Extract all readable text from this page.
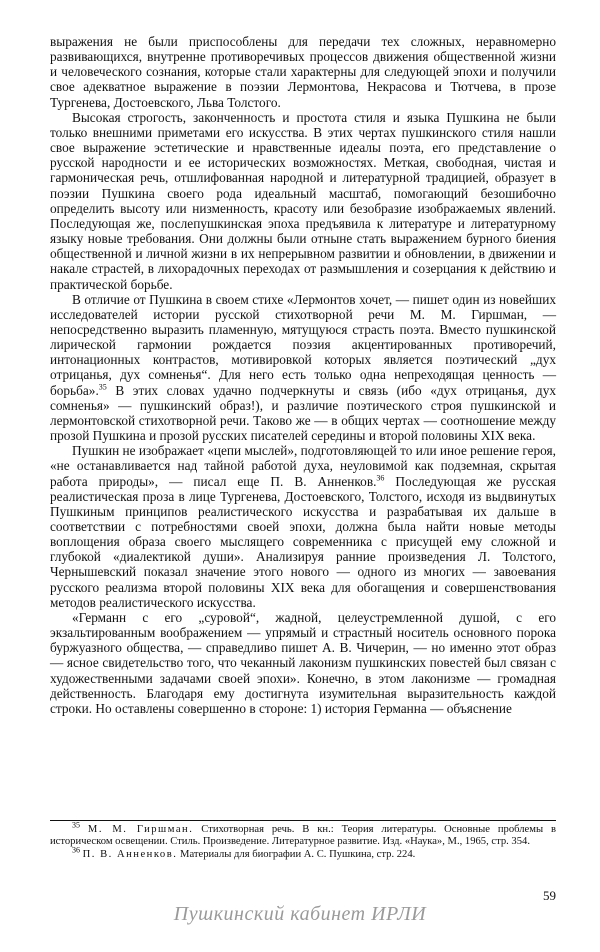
выражения не были приспособлены для передачи тех сложных, неравномерно развивающихся, внутренне противоречивых процессов движения общественной жизни и человеческого сознания, которые стали характерны для следующей эпохи и получили свое адекватное выражение в поэзии Лермонтова, Некрасова и Тютчева, в прозе Тургенева, Достоевского, Льва Толстого.

Высокая строгость, законченность и простота стиля и языка Пушкина не были только внешними приметами его искусства. В этих чертах пушкинского стиля нашли свое выражение эстетические и нравственные идеалы поэта, его представление о русской народности и ее исторических возможностях. Меткая, свободная, чистая и гармоническая речь, отшлифованная народной и литературной традицией, образует в поэзии Пушкина своего рода идеальный масштаб, помогающий безошибочно определить высоту или низменность, красоту или безобразие изображаемых явлений. Последующая же, послепушкинская эпоха предъявила к литературе и литературному языку новые требования. Они должны были отныне стать выражением бурного биения общественной и личной жизни в их непрерывном развитии и обновлении, в движении и накале страстей, в лихорадочных переходах от размышления и созерцания к действию и практической борьбе.

В отличие от Пушкина в своем стихе «Лермонтов хочет, — пишет один из новейших исследователей истории русской стихотворной речи М. М. Гиршман, — непосредственно выразить пламенную, мятущуюся страсть поэта. Вместо пушкинской лирической гармонии рождается поэзия акцентированных противоречий, интонационных контрастов, мотивировкой которых является поэтический „дух отрицанья, дух сомненья“. Для него есть только одна непреходящая ценность — борьба».$^{35}$ В этих словах удачно подчеркнуты и связь (ибо «дух отрицанья, дух сомненья» — пушкинский образ!), и различие поэтического строя пушкинской и лермонтовской стихотворной речи. Таково же — в общих чертах — соотношение между прозой Пушкина и прозой русских писателей середины и второй половины XIX века.

Пушкин не изображает «цепи мыслей», подготовляющей то или иное решение героя, «не останавливается над тайной работой духа, неуловимой как подземная, скрытая работа природы», — писал еще П. В. Анненков.$^{36}$ Последующая же русская реалистическая проза в лице Тургенева, Достоевского, Толстого, исходя из выдвинутых Пушкиным принципов реалистического искусства и разрабатывая их дальше в соответствии с потребностями своей эпохи, должна была найти новые методы воплощения образа своего мыслящего современника с присущей ему сложной и глубокой «диалектикой души». Анализируя ранние произведения Л. Толстого, Чернышевский показал значение этого нового — одного из многих — завоевания русского реализма второй половины XIX века для обогащения и совершенствования методов реалистического искусства.

«Германн с его „суровой“, жадной, целеустремленной душой, с его экзальтированным воображением — упрямый и страстный носитель основного порока буржуазного общества, — справедливо пишет А. В. Чичерин, — но именно этот образ — ясное свидетельство того, что чеканный лаконизм пушкинских повестей был связан с художественными задачами своей эпохи». Конечно, в этом лаконизме — громадная действенность. Благодаря ему достигнута изумительная выразительность каждой строки. Но оставлены совершенно в стороне: 1) история Германна — объяснение

$^{35}$ М. М. Гиршман. Стихотворная речь. В кн.: Теория литературы. Основные проблемы в историческом освещении. Стиль. Произведение. Литературное развитие. Изд. «Наука», М., 1965, стр. 354.

$^{36}$ П. В. Анненков. Материалы для биографии А. С. Пушкина, стр. 224.

59
Пушкинский кабинет ИРЛИ
